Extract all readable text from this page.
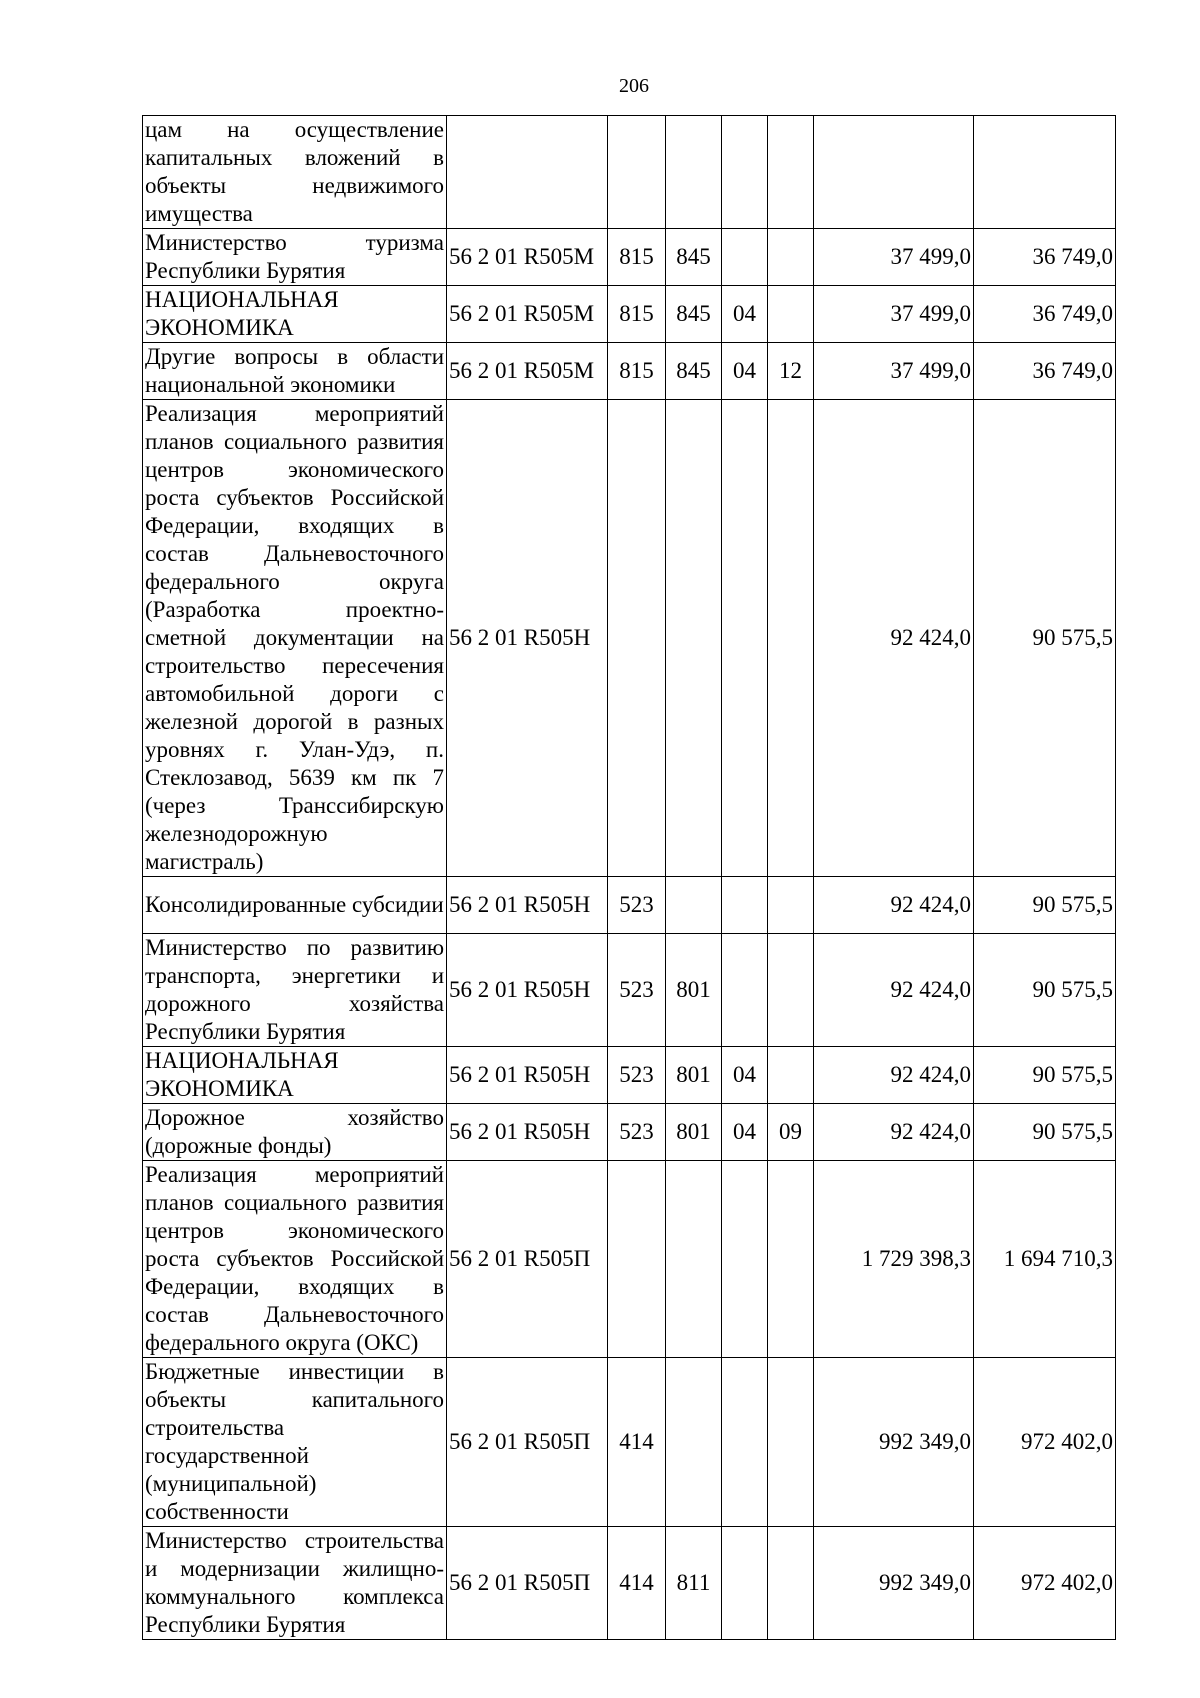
206
цам на осуществление капитальных вложений в объекты недвижимого имущества							
Министерство туризма Республики Бурятия	56 2 01 R505М	815	845			37 499,0	36 749,0
НАЦИОНАЛЬНАЯ ЭКОНОМИКА	56 2 01 R505М	815	845	04		37 499,0	36 749,0
Другие вопросы в области национальной экономики	56 2 01 R505М	815	845	04	12	37 499,0	36 749,0
Реализация мероприятий планов социального развития центров экономического роста субъектов Российской Федерации, входящих в состав Дальневосточного федерального округа (Разработка проектно-сметной документации на строительство пересечения автомобильной дороги с железной дорогой в разных уровнях г. Улан-Удэ, п. Стеклозавод, 5639 км пк 7 (через Транссибирскую железнодорожную магистраль)	56 2 01 R505Н					92 424,0	90 575,5
Консолидированные субсидии	56 2 01 R505Н	523				92 424,0	90 575,5
Министерство по развитию транспорта, энергетики и дорожного хозяйства Республики Бурятия	56 2 01 R505Н	523	801			92 424,0	90 575,5
НАЦИОНАЛЬНАЯ ЭКОНОМИКА	56 2 01 R505Н	523	801	04		92 424,0	90 575,5
Дорожное хозяйство (дорожные фонды)	56 2 01 R505Н	523	801	04	09	92 424,0	90 575,5
Реализация мероприятий планов социального развития центров экономического роста субъектов Российской Федерации, входящих в состав Дальневосточного федерального округа (ОКС)	56 2 01 R505П					1 729 398,3	1 694 710,3
Бюджетные инвестиции в объекты капитального строительства государственной (муниципальной) собственности	56 2 01 R505П	414				992 349,0	972 402,0
Министерство строительства и модернизации жилищно-коммунального комплекса Республики Бурятия	56 2 01 R505П	414	811			992 349,0	972 402,0
